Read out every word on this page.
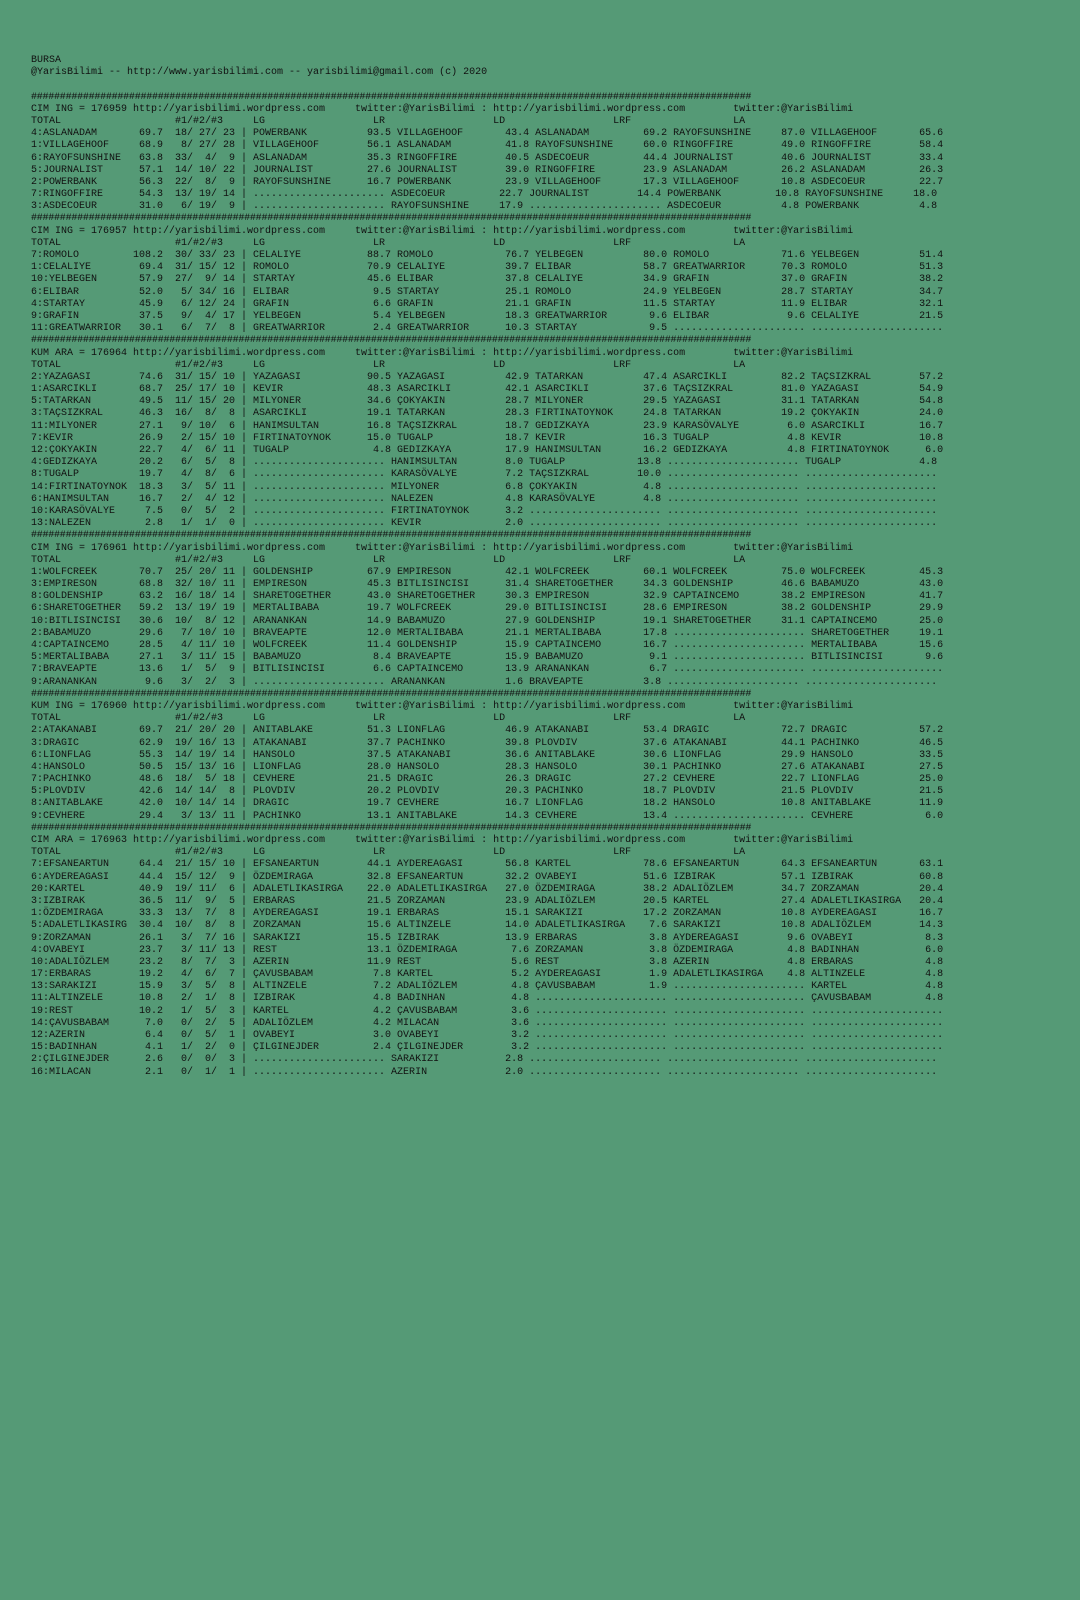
BURSA
@YarisBilimi -- http://www.yarisbilimi.com -- yarisbilimi@gmail.com (c) 2020

#############################################################################################################################
CIM ING = 176959 http://yarisbilimi.wordpress.com     twitter:@YarisBilimi : http://yarisbilimi.wordpress.com        twitter:@YarisBilimi
TOTAL                   #1/#2/#3     LG                  LR                  LD                  LRF                 LA
4:ASLANADAM       69.7  18/ 27/ 23 | POWERBANK          93.5 VILLAGEHOOF       43.4 ASLANADAM         69.2 RAYOFSUNSHINE     87.0 VILLAGEHOOF       65.6
1:VILLAGEHOOF     68.9   8/ 27/ 28 | VILLAGEHOOF        56.1 ASLANADAM         41.8 RAYOFSUNSHINE     60.0 RINGOFFIRE        49.0 RINGOFFIRE        58.4
6:RAYOFSUNSHINE   63.8  33/  4/  9 | ASLANADAM          35.3 RINGOFFIRE        40.5 ASDECOEUR         44.4 JOURNALIST        40.6 JOURNALIST        33.4
5:JOURNALIST      57.1  14/ 10/ 22 | JOURNALIST         27.6 JOURNALIST        39.0 RINGOFFIRE        23.9 ASLANADAM         26.2 ASLANADAM         26.3
2:POWERBANK       56.3  22/  8/  9 | RAYOFSUNSHINE      16.7 POWERBANK         23.9 VILLAGEHOOF       17.3 VILLAGEHOOF       10.8 ASDECOEUR         22.7
7:RINGOFFIRE      54.3  13/ 19/ 14 | ...................... ASDECOEUR         22.7 JOURNALIST        14.4 POWERBANK         10.8 RAYOFSUNSHINE     18.0
3:ASDECOEUR       31.0   6/ 19/  9 | ...................... RAYOFSUNSHINE     17.9 ...................... ASDECOEUR          4.8 POWERBANK          4.8
#############################################################################################################################
CIM ING = 176957 http://yarisbilimi.wordpress.com     twitter:@YarisBilimi : http://yarisbilimi.wordpress.com        twitter:@YarisBilimi
TOTAL                   #1/#2/#3     LG                  LR                  LD                  LRF                 LA
7:ROMOLO         108.2  30/ 33/ 23 | CELALIYE           88.7 ROMOLO            76.7 YELBEGEN          80.0 ROMOLO            71.6 YELBEGEN          51.4
1:CELALIYE        69.4  31/ 15/ 12 | ROMOLO             70.9 CELALIYE          39.7 ELIBAR            58.7 GREATWARRIOR      70.3 ROMOLO            51.3
10:YELBEGEN       57.9  27/  9/ 14 | STARTAY            45.6 ELIBAR            37.8 CELALIYE          34.9 GRAFIN            37.0 GRAFIN            38.2
6:ELIBAR          52.0   5/ 34/ 16 | ELIBAR              9.5 STARTAY           25.1 ROMOLO            24.9 YELBEGEN          28.7 STARTAY           34.7
4:STARTAY         45.9   6/ 12/ 24 | GRAFIN              6.6 GRAFIN            21.1 GRAFIN            11.5 STARTAY           11.9 ELIBAR            32.1
9:GRAFIN          37.5   9/  4/ 17 | YELBEGEN            5.4 YELBEGEN          18.3 GREATWARRIOR       9.6 ELIBAR             9.6 CELALIYE          21.5
11:GREATWARRIOR   30.1   6/  7/  8 | GREATWARRIOR        2.4 GREATWARRIOR      10.3 STARTAY            9.5 ...................... ......................
#############################################################################################################################
KUM ARA = 176964 http://yarisbilimi.wordpress.com     twitter:@YarisBilimi : http://yarisbilimi.wordpress.com        twitter:@YarisBilimi
TOTAL                   #1/#2/#3     LG                  LR                  LD                  LRF                 LA
2:YAZAGASI        74.6  31/ 15/ 10 | YAZAGASI           90.5 YAZAGASI          42.9 TATARKAN          47.4 ASARCIKLI         82.2 TAÇSIZKRAL        57.2
1:ASARCIKLI       68.7  25/ 17/ 10 | KEVIR              48.3 ASARCIKLI         42.1 ASARCIKLI         37.6 TAÇSIZKRAL        81.0 YAZAGASI          54.9
5:TATARKAN        49.5  11/ 15/ 20 | MILYONER           34.6 ÇOKYAKIN          28.7 MILYONER          29.5 YAZAGASI          31.1 TATARKAN          54.8
3:TAÇSIZKRAL      46.3  16/  8/  8 | ASARCIKLI          19.1 TATARKAN          28.3 FIRTINATOYNOK     24.8 TATARKAN          19.2 ÇOKYAKIN          24.0
11:MILYONER       27.1   9/ 10/  6 | HANIMSULTAN        16.8 TAÇSIZKRAL        18.7 GEDIZKAYA         23.9 KARASÖVALYE        6.0 ASARCIKLI         16.7
7:KEVIR           26.9   2/ 15/ 10 | FIRTINATOYNOK      15.0 TUGALP            18.7 KEVIR             16.3 TUGALP             4.8 KEVIR             10.8
12:ÇOKYAKIN       22.7   4/  6/ 11 | TUGALP              4.8 GEDIZKAYA         17.9 HANIMSULTAN       16.2 GEDIZKAYA          4.8 FIRTINATOYNOK      6.0
4:GEDIZKAYA       20.2   6/  5/  8 | ...................... HANIMSULTAN        8.0 TUGALP            13.8 ...................... TUGALP             4.8
8:TUGALP          19.7   4/  8/  6 | ...................... KARASÖVALYE        7.2 TAÇSIZKRAL        10.0 ...................... ......................
14:FIRTINATOYNOK  18.3   3/  5/ 11 | ...................... MILYONER           6.8 ÇOKYAKIN           4.8 ...................... ......................
6:HANIMSULTAN     16.7   2/  4/ 12 | ...................... NALEZEN            4.8 KARASÖVALYE        4.8 ...................... ......................
10:KARASÖVALYE     7.5   0/  5/  2 | ...................... FIRTINATOYNOK      3.2 ...................... ...................... ......................
13:NALEZEN         2.8   1/  1/  0 | ...................... KEVIR              2.0 ...................... ...................... ......................
#############################################################################################################################
CIM ING = 176961 http://yarisbilimi.wordpress.com     twitter:@YarisBilimi : http://yarisbilimi.wordpress.com        twitter:@YarisBilimi
TOTAL                   #1/#2/#3     LG                  LR                  LD                  LRF                 LA
1:WOLFCREEK       70.7  25/ 20/ 11 | GOLDENSHIP         67.9 EMPIRESON         42.1 WOLFCREEK         60.1 WOLFCREEK         75.0 WOLFCREEK         45.3
3:EMPIRESON       68.8  32/ 10/ 11 | EMPIRESON          45.3 BITLISINCISI      31.4 SHARETOGETHER     34.3 GOLDENSHIP        46.6 BABAMUZO          43.0
8:GOLDENSHIP      63.2  16/ 18/ 14 | SHARETOGETHER      43.0 SHARETOGETHER     30.3 EMPIRESON         32.9 CAPTAINCEMO       38.2 EMPIRESON         41.7
6:SHARETOGETHER   59.2  13/ 19/ 19 | MERTALIBABA        19.7 WOLFCREEK         29.0 BITLISINCISI      28.6 EMPIRESON         38.2 GOLDENSHIP        29.9
10:BITLISINCISI   30.6  10/  8/ 12 | ARANANKAN          14.9 BABAMUZO          27.9 GOLDENSHIP        19.1 SHARETOGETHER     31.1 CAPTAINCEMO       25.0
2:BABAMUZO        29.6   7/ 10/ 10 | BRAVEAPTE          12.0 MERTALIBABA       21.1 MERTALIBABA       17.8 ...................... SHARETOGETHER     19.1
4:CAPTAINCEMO     28.5   4/ 11/ 10 | WOLFCREEK          11.4 GOLDENSHIP        15.9 CAPTAINCEMO       16.7 ...................... MERTALIBABA       15.6
5:MERTALIBABA     27.1   3/ 11/ 15 | BABAMUZO            8.4 BRAVEAPTE         15.9 BABAMUZO           9.1 ...................... BITLISINCISI       9.6
7:BRAVEAPTE       13.6   1/  5/  9 | BITLISINCISI        6.6 CAPTAINCEMO       13.9 ARANANKAN          6.7 ...................... ......................
9:ARANANKAN        9.6   3/  2/  3 | ...................... ARANANKAN          1.6 BRAVEAPTE          3.8 ...................... ......................
#############################################################################################################################
KUM ING = 176960 http://yarisbilimi.wordpress.com     twitter:@YarisBilimi : http://yarisbilimi.wordpress.com        twitter:@YarisBilimi
TOTAL                   #1/#2/#3     LG                  LR                  LD                  LRF                 LA
2:ATAKANABI       69.7  21/ 20/ 20 | ANITABLAKE         51.3 LIONFLAG          46.9 ATAKANABI         53.4 DRAGIC            72.7 DRAGIC            57.2
3:DRAGIC          62.9  19/ 16/ 13 | ATAKANABI          37.7 PACHINKO          39.8 PLOVDIV           37.6 ATAKANABI         44.1 PACHINKO          46.5
6:LIONFLAG        55.3  14/ 19/ 14 | HANSOLO            37.5 ATAKANABI         36.6 ANITABLAKE        30.6 LIONFLAG          29.9 HANSOLO           33.5
4:HANSOLO         50.5  15/ 13/ 16 | LIONFLAG           28.0 HANSOLO           28.3 HANSOLO           30.1 PACHINKO          27.6 ATAKANABI         27.5
7:PACHINKO        48.6  18/  5/ 18 | CEVHERE            21.5 DRAGIC            26.3 DRAGIC            27.2 CEVHERE           22.7 LIONFLAG          25.0
5:PLOVDIV         42.6  14/ 14/  8 | PLOVDIV            20.2 PLOVDIV           20.3 PACHINKO          18.7 PLOVDIV           21.5 PLOVDIV           21.5
8:ANITABLAKE      42.0  10/ 14/ 14 | DRAGIC             19.7 CEVHERE           16.7 LIONFLAG          18.2 HANSOLO           10.8 ANITABLAKE        11.9
9:CEVHERE         29.4   3/ 13/ 11 | PACHINKO           13.1 ANITABLAKE        14.3 CEVHERE           13.4 ...................... CEVHERE            6.0
#############################################################################################################################
CIM ARA = 176963 http://yarisbilimi.wordpress.com     twitter:@YarisBilimi : http://yarisbilimi.wordpress.com        twitter:@YarisBilimi
TOTAL                   #1/#2/#3     LG                  LR                  LD                  LRF                 LA
7:EFSANEARTUN     64.4  21/ 15/ 10 | EFSANEARTUN        44.1 AYDEREAGASI       56.8 KARTEL            78.6 EFSANEARTUN       64.3 EFSANEARTUN       63.1
6:AYDEREAGASI     44.4  15/ 12/  9 | ÖZDEMIRAGA         32.8 EFSANEARTUN       32.2 OVABEYI           51.6 IZBIRAK           57.1 IZBIRAK           60.8
20:KARTEL         40.9  19/ 11/  6 | ADALETLIKASIRGA    22.0 ADALETLIKASIRGA   27.0 ÖZDEMIRAGA        38.2 ADALIÖZLEM        34.7 ZORZAMAN          20.4
3:IZBIRAK         36.5  11/  9/  5 | ERBARAS            21.5 ZORZAMAN          23.9 ADALIÖZLEM        20.5 KARTEL            27.4 ADALETLIKASIRGA   20.4
1:ÖZDEMIRAGA      33.3  13/  7/  8 | AYDEREAGASI        19.1 ERBARAS           15.1 SARAKIZI          17.2 ZORZAMAN          10.8 AYDEREAGASI       16.7
5:ADALETLIKASIRG  30.4  10/  8/  8 | ZORZAMAN           15.6 ALTINZELE         14.0 ADALETLIKASIRGA    7.6 SARAKIZI          10.8 ADALIÖZLEM        14.3
9:ZORZAMAN        26.1   3/  7/ 16 | SARAKIZI           15.5 IZBIRAK           13.9 ERBARAS            3.8 AYDEREAGASI        9.6 OVABEYI            8.3
4:OVABEYI         23.7   3/ 11/ 13 | REST               13.1 ÖZDEMIRAGA         7.6 ZORZAMAN           3.8 ÖZDEMIRAGA         4.8 BADINHAN           6.0
10:ADALIÖZLEM     23.2   8/  7/  3 | AZERIN             11.9 REST               5.6 REST               3.8 AZERIN             4.8 ERBARAS            4.8
17:ERBARAS        19.2   4/  6/  7 | ÇAVUSBABAM          7.8 KARTEL             5.2 AYDEREAGASI        1.9 ADALETLIKASIRGA    4.8 ALTINZELE          4.8
13:SARAKIZI       15.9   3/  5/  8 | ALTINZELE           7.2 ADALIÖZLEM         4.8 ÇAVUSBABAM         1.9 ...................... KARTEL             4.8
11:ALTINZELE      10.8   2/  1/  8 | IZBIRAK             4.8 BADINHAN           4.8 ...................... ...................... ÇAVUSBABAM         4.8
19:REST           10.2   1/  5/  3 | KARTEL              4.2 ÇAVUSBABAM         3.6 ...................... ...................... ......................
14:ÇAVUSBABAM      7.0   0/  2/  5 | ADALIÖZLEM          4.2 MILACAN            3.6 ...................... ...................... ......................
12:AZERIN          6.4   0/  5/  1 | OVABEYI             3.0 OVABEYI            3.2 ...................... ...................... ......................
15:BADINHAN        4.1   1/  2/  0 | ÇILGINEJDER         2.4 ÇILGINEJDER        3.2 ...................... ...................... ......................
2:ÇILGINEJDER      2.6   0/  0/  3 | ...................... SARAKIZI           2.8 ...................... ...................... ......................
16:MILACAN         2.1   0/  1/  1 | ...................... AZERIN             2.0 ...................... ...................... ......................
